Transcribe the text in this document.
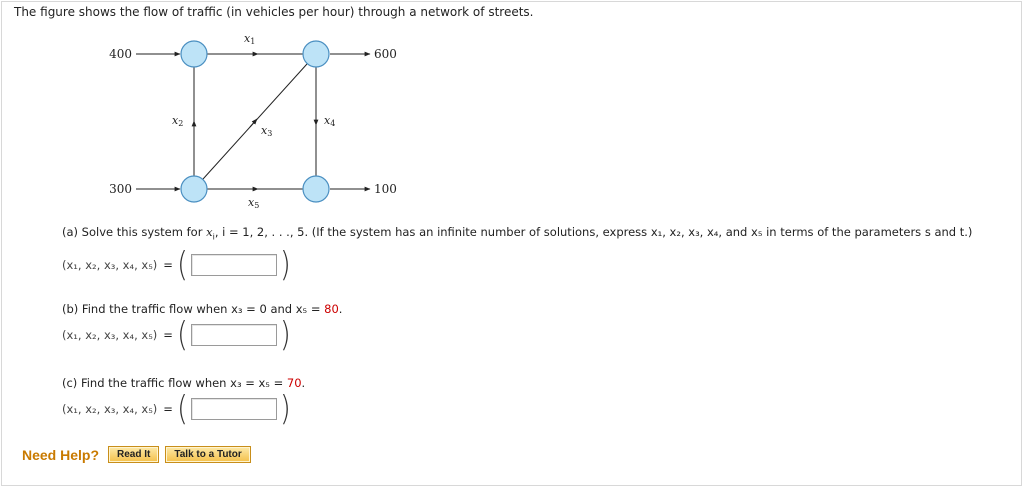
The figure shows the flow of traffic (in vehicles per hour) through a network of streets.
400	600
300	100
x1
x2
x3
x4
x5
(a) Solve this system for $x_i$, i = 1, 2, . . ., 5. (If the system has an infinite number of solutions, express x₁, x₂, x₃, x₄, and x₅ in terms of the parameters s and t.)
(x₁, x₂, x₃, x₄, x₅) = (	)
(b) Find the traffic flow when x₃ = 0 and x₅ = 80.
(x₁, x₂, x₃, x₄, x₅) = (	)
(c) Find the traffic flow when x₃ = x₅ = 70.
(x₁, x₂, x₃, x₄, x₅) = (	)
Need Help?	Read It	Talk to a Tutor
